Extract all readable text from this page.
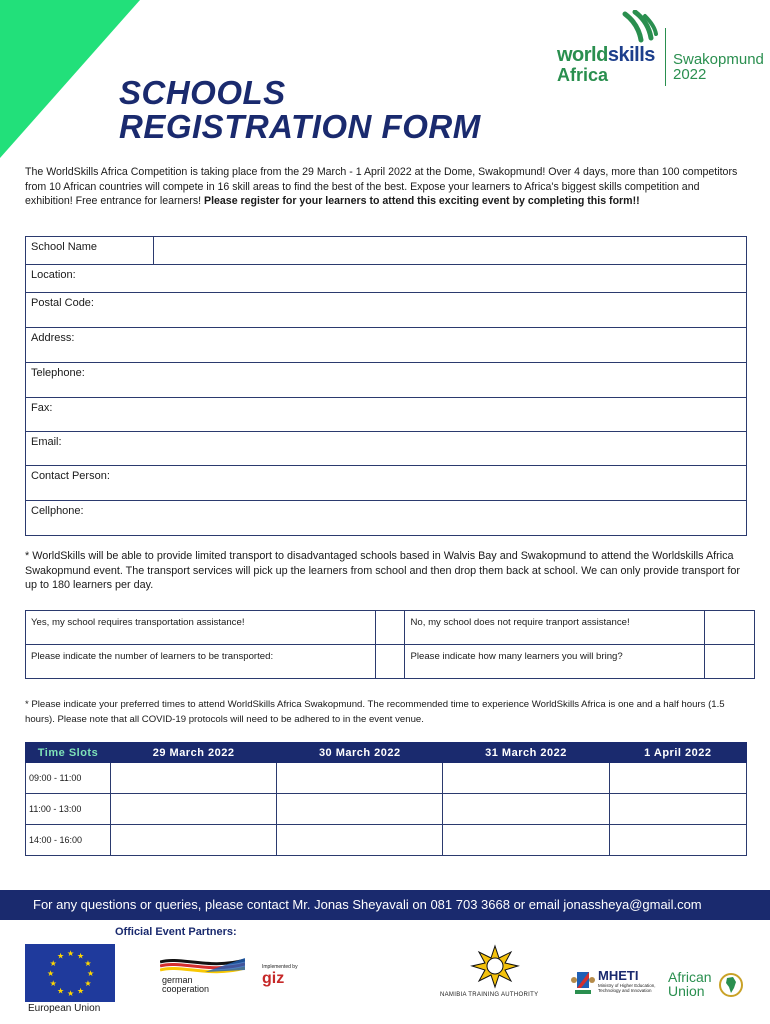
worldskills
Africa
Swakopmund
2022
SCHOOLS
REGISTRATION FORM
The WorldSkills Africa Competition is taking place from the 29 March - 1 April 2022 at the Dome, Swakopmund! Over 4 days, more than 100 competitors from 10 African countries will compete in 16 skill areas to find the best of the best. Expose your learners to Africa's biggest skills competition and exhibition! Free entrance for learners! Please register for your learners to attend this exciting event by completing this form!!
School Name	
Location:
Postal Code:
Address:
Telephone:
Fax:
Email:
Contact Person:
Cellphone:
* WorldSkills will be able to provide limited transport to disadvantaged schools based in Walvis Bay and Swakopmund to attend the Worldskills Africa Swakopmund event. The transport services will pick up the learners from school and then drop them back at school. We can only provide transport for up to 180 learners per day.
Yes, my school requires transportation assistance!		No, my school does not require tranport assistance!	
Please indicate the number of learners to be transported:		Please indicate how many learners you will bring?	
* Please indicate your preferred times to attend WorldSkills Africa Swakopmund. The recommended time to experience WorldSkills Africa is one and a half hours (1.5 hours). Please note that all COVID-19 protocols will need to be adhered to in the event venue.
Time Slots	29 March 2022	30 March 2022	31 March 2022	1 April 2022
09:00 - 11:00				
11:00 - 13:00				
14:00 - 16:00				
For any questions or queries, please contact Mr. Jonas Sheyavali on 081 703 3668 or email jonassheya@gmail.com
Official Event Partners:
★
★
★
★
★
★
★
★
★ ★ ★
★
European Union
german
cooperation
Implemented by
giz
NAMIBIA TRAINING AUTHORITY
MHETI
Ministry of Higher Education, Technology and Innovation
African
Union
